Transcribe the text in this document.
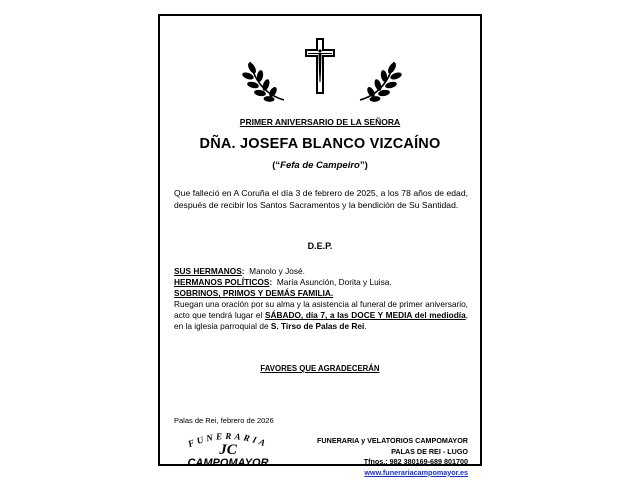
PRIMER ANIVERSARIO DE LA SEÑORA
DÑA. JOSEFA BLANCO VIZCAÍNO
(“Fefa de Campeiro”)
Que falleció en A Coruña el día 3 de febrero de 2025, a los 78 años de edad, después de recibir los Santos Sacramentos y la bendición de Su Santidad.
D.E.P.

SUS HERMANOS: Manolo y José.

HERMANOS POLÍTICOS: María Asunción, Dorita y Luisa.

SOBRINOS, PRIMOS Y DEMÁS FAMILIA.

Ruegan una oración por su alma y la asistencia al funeral de primer aniversario, acto que tendrá lugar el SÁBADO, día 7, a las DOCE Y MEDIA del mediodía, en la iglesia parroquial de S. Tirso de Palas de Rei.

FAVORES QUE AGRADECERÁN
Palas de Rei, febrero de 2026
FUNERARIA
JC
CAMPOMAYOR
FUNERARIA y VELATORIOS CAMPOMAYOR
PALAS DE REI - LUGO
Tfnos.: 982 380169-689 801700
www.funerariacampomayor.es
